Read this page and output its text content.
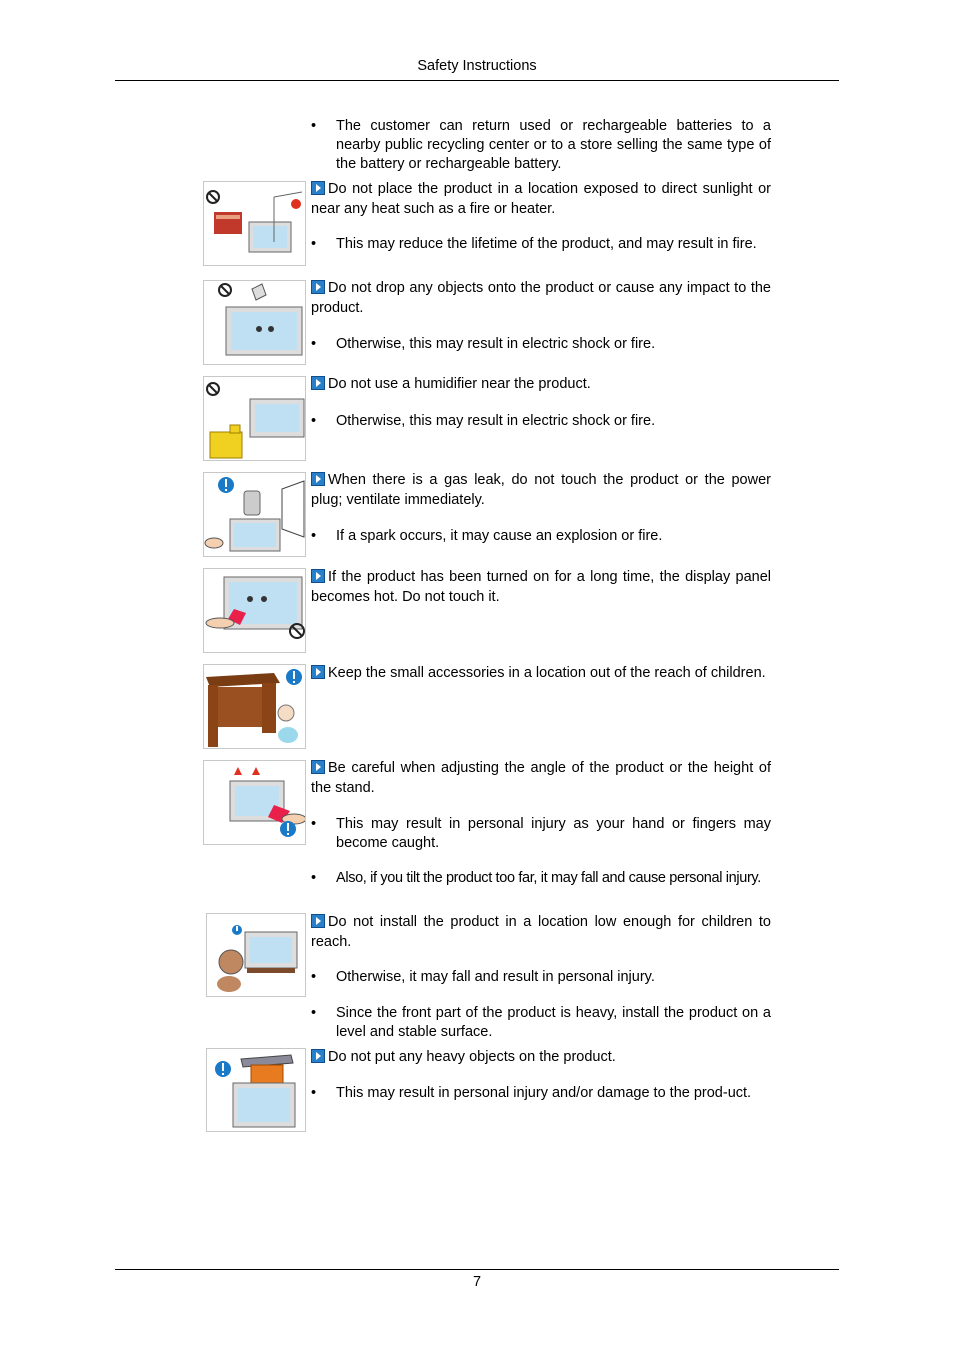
Safety Instructions
• The customer can return used or rechargeable batteries to a nearby public recycling center or to a store selling the same type of the battery or rechargeable battery.
Do not place the product in a location exposed to direct sunlight or near any heat such as a fire or heater.
• This may reduce the lifetime of the product, and may result in fire.
Do not drop any objects onto the product or cause any impact to the product.
• Otherwise, this may result in electric shock or fire.
Do not use a humidifier near the product.
• Otherwise, this may result in electric shock or fire.
When there is a gas leak, do not touch the product or the power plug; ventilate immediately.
• If a spark occurs, it may cause an explosion or fire.
If the product has been turned on for a long time, the display panel becomes hot. Do not touch it.
Keep the small accessories in a location out of the reach of children.
Be careful when adjusting the angle of the product or the height of the stand.
• This may result in personal injury as your hand or fingers may become caught.
• Also, if you tilt the product too far, it may fall and cause personal injury.
Do not install the product in a location low enough for children to reach.
• Otherwise, it may fall and result in personal injury.
• Since the front part of the product is heavy, install the product on a level and stable surface.
Do not put any heavy objects on the product.
• This may result in personal injury and/or damage to the prod-uct.
7
